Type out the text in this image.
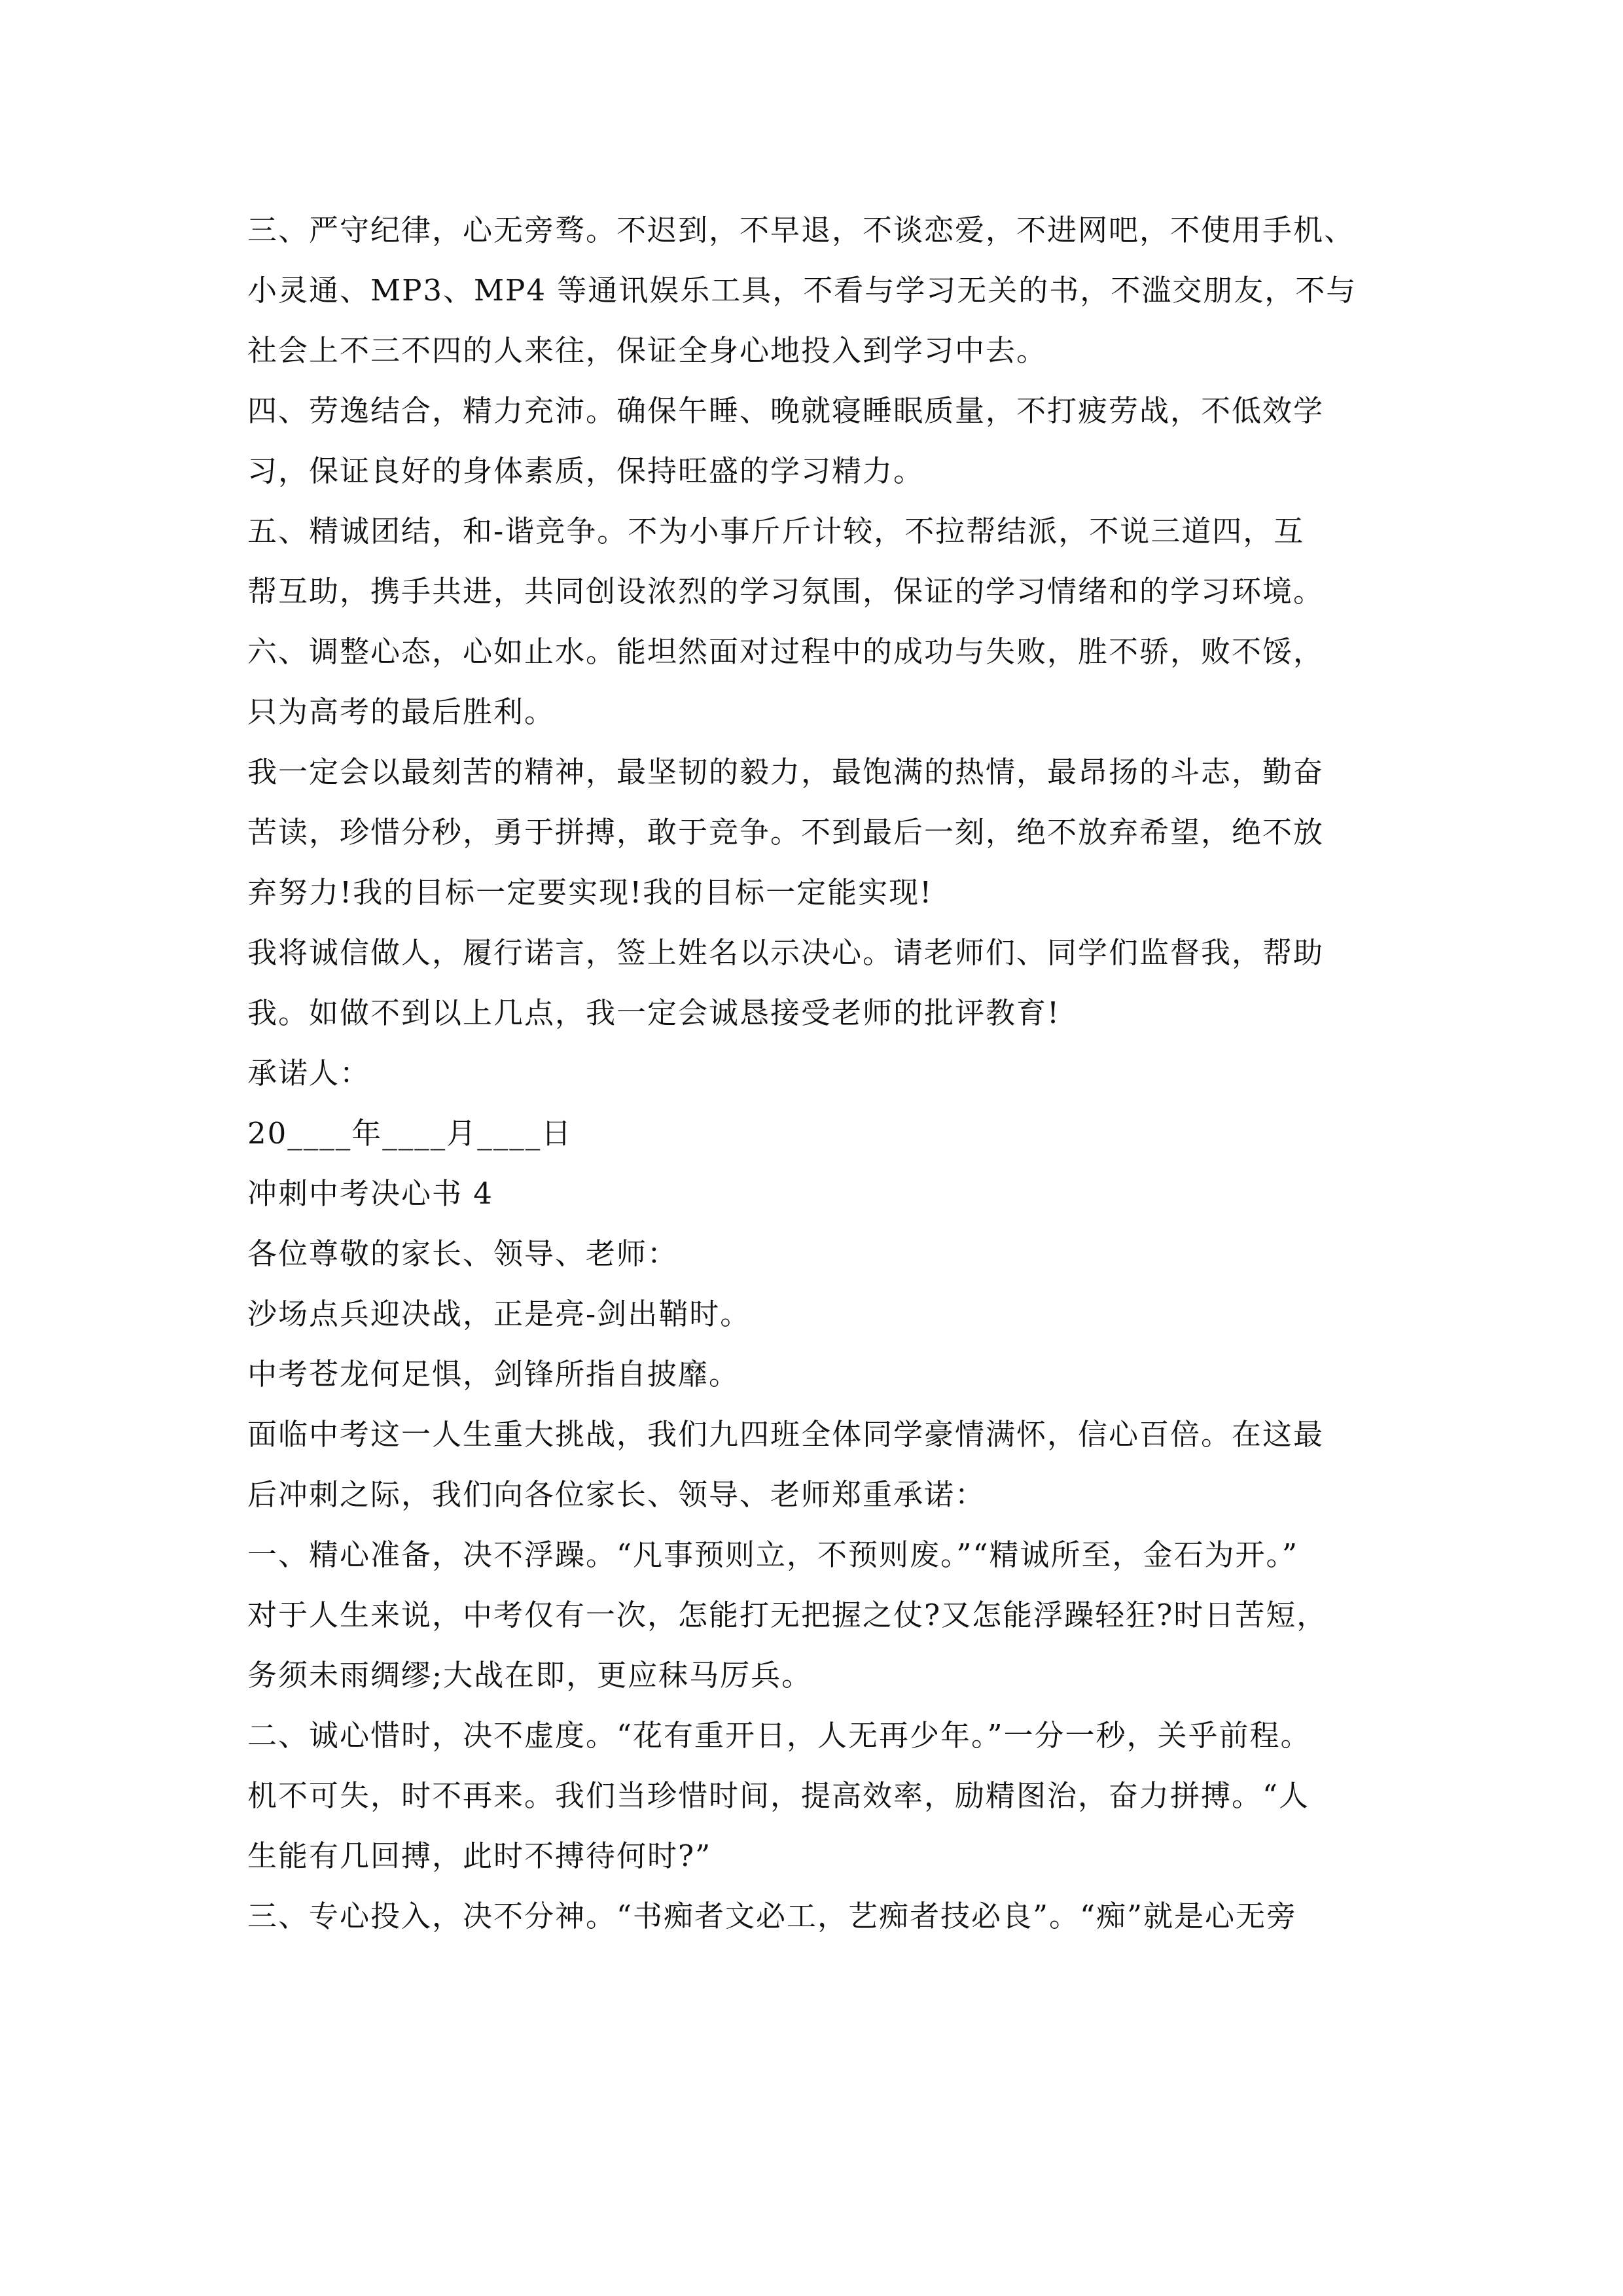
三、严守纪律，心无旁骛。不迟到，不早退，不谈恋爱，不进网吧，不使用手机、
小灵通、MP3、MP4 等通讯娱乐工具，不看与学习无关的书，不滥交朋友，不与
社会上不三不四的人来往，保证全身心地投入到学习中去。
四、劳逸结合，精力充沛。确保午睡、晚就寝睡眠质量，不打疲劳战，不低效学
习，保证良好的身体素质，保持旺盛的学习精力。
五、精诚团结，和-谐竞争。不为小事斤斤计较，不拉帮结派，不说三道四，互
帮互助，携手共进，共同创设浓烈的学习氛围，保证的学习情绪和的学习环境。
六、调整心态，心如止水。能坦然面对过程中的成功与失败，胜不骄，败不馁，
只为高考的最后胜利。
我一定会以最刻苦的精神，最坚韧的毅力，最饱满的热情，最昂扬的斗志，勤奋
苦读，珍惜分秒，勇于拼搏，敢于竞争。不到最后一刻，绝不放弃希望，绝不放
弃努力!我的目标一定要实现!我的目标一定能实现!
我将诚信做人，履行诺言，签上姓名以示决心。请老师们、同学们监督我，帮助
我。如做不到以上几点，我一定会诚恳接受老师的批评教育!
承诺人：
20____年____月____日
冲刺中考决心书 4
各位尊敬的家长、领导、老师：
沙场点兵迎决战，正是亮-剑出鞘时。
中考苍龙何足惧，剑锋所指自披靡。
面临中考这一人生重大挑战，我们九四班全体同学豪情满怀，信心百倍。在这最
后冲刺之际，我们向各位家长、领导、老师郑重承诺：
一、精心准备，决不浮躁。“凡事预则立，不预则废。”“精诚所至，金石为开。”
对于人生来说，中考仅有一次，怎能打无把握之仗?又怎能浮躁轻狂?时日苦短，
务须未雨绸缪;大战在即，更应秣马厉兵。
二、诚心惜时，决不虚度。“花有重开日，人无再少年。”一分一秒，关乎前程。
机不可失，时不再来。我们当珍惜时间，提高效率，励精图治，奋力拼搏。“人
生能有几回搏，此时不搏待何时?”
三、专心投入，决不分神。“书痴者文必工，艺痴者技必良”。“痴”就是心无旁
